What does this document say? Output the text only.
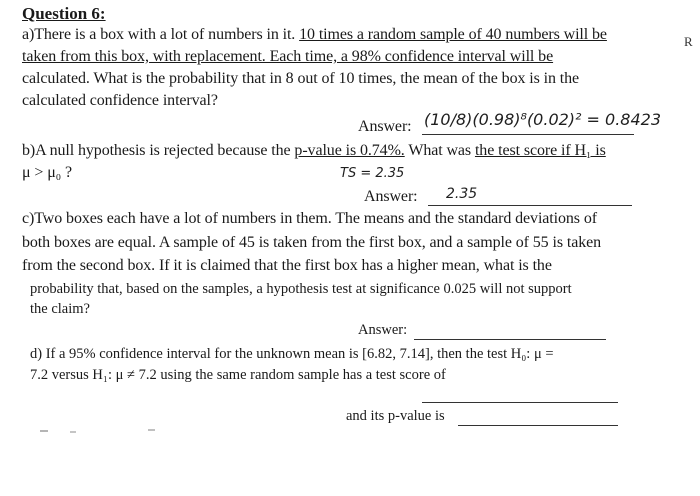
Question 6:
a)There is a box with a lot of numbers in it. 10 times a random sample of 40 numbers will be
taken from this box, with replacement. Each time, a 98% confidence interval will be
calculated. What is the probability that in 8 out of 10 times, the mean of the box is in the
calculated confidence interval?
Answer: (10/8)(0.98)⁸(0.02)² = 0.8423
b)A null hypothesis is rejected because the p-value is 0.74%. What was the test score if H₁ is
μ > μ₀ ?	TS = 2.35
Answer: 2.35
c)Two boxes each have a lot of numbers in them. The means and the standard deviations of
both boxes are equal. A sample of 45 is taken from the first box, and a sample of 55 is taken
from the second box. If it is claimed that the first box has a higher mean, what is the
probability that, based on the samples, a hypothesis test at significance 0.025 will not support
the claim?
Answer:
d) If a 95% confidence interval for the unknown mean is [6.82, 7.14], then the test H₀: μ =
7.2 versus H₁: μ ≠ 7.2 using the same random sample has a test score of
and its p-value is
R
